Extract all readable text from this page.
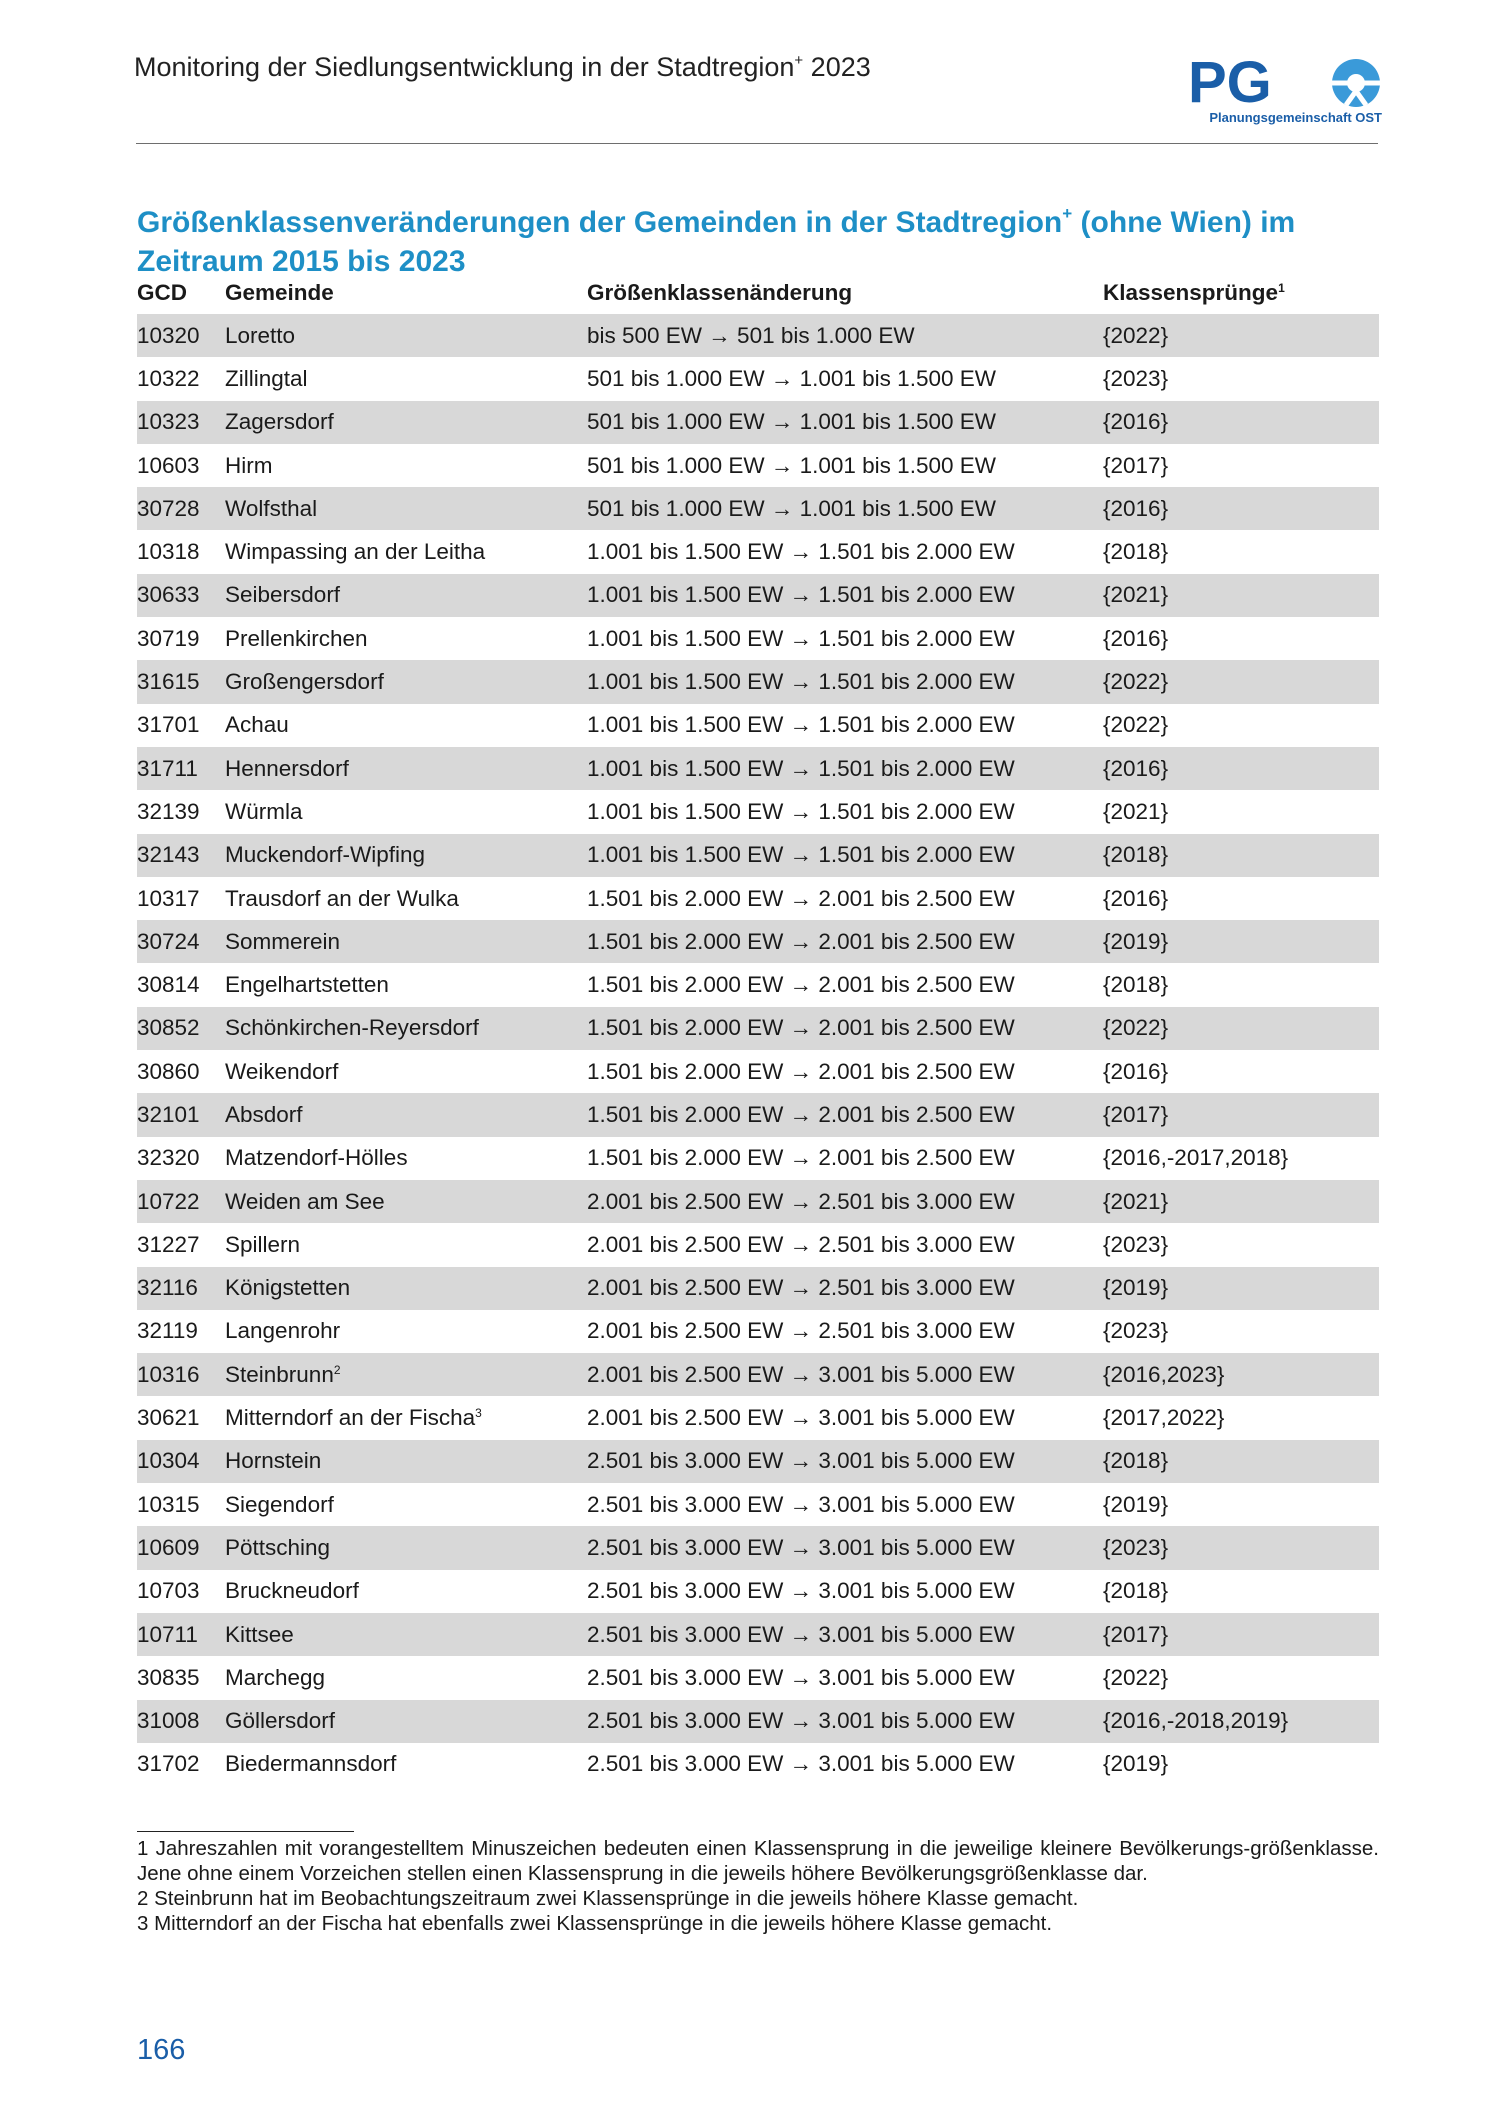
Monitoring der Siedlungsentwicklung in der Stadtregion+ 2023	PG
Planungsgemeinschaft OST
Größenklassenveränderungen der Gemeinden in der Stadtregion+ (ohne Wien) im Zeitraum 2015 bis 2023
GCD	Gemeinde	Größenklassenänderung	Klassensprünge$^1$
10320	Loretto	bis 500 EW → 501 bis 1.000 EW	{2022}
10322	Zillingtal	501 bis 1.000 EW → 1.001 bis 1.500 EW	{2023}
10323	Zagersdorf	501 bis 1.000 EW → 1.001 bis 1.500 EW	{2016}
10603	Hirm	501 bis 1.000 EW → 1.001 bis 1.500 EW	{2017}
30728	Wolfsthal	501 bis 1.000 EW → 1.001 bis 1.500 EW	{2016}
10318	Wimpassing an der Leitha	1.001 bis 1.500 EW → 1.501 bis 2.000 EW	{2018}
30633	Seibersdorf	1.001 bis 1.500 EW → 1.501 bis 2.000 EW	{2021}
30719	Prellenkirchen	1.001 bis 1.500 EW → 1.501 bis 2.000 EW	{2016}
31615	Großengersdorf	1.001 bis 1.500 EW → 1.501 bis 2.000 EW	{2022}
31701	Achau	1.001 bis 1.500 EW → 1.501 bis 2.000 EW	{2022}
31711	Hennersdorf	1.001 bis 1.500 EW → 1.501 bis 2.000 EW	{2016}
32139	Würmla	1.001 bis 1.500 EW → 1.501 bis 2.000 EW	{2021}
32143	Muckendorf-Wipfing	1.001 bis 1.500 EW → 1.501 bis 2.000 EW	{2018}
10317	Trausdorf an der Wulka	1.501 bis 2.000 EW → 2.001 bis 2.500 EW	{2016}
30724	Sommerein	1.501 bis 2.000 EW → 2.001 bis 2.500 EW	{2019}
30814	Engelhartstetten	1.501 bis 2.000 EW → 2.001 bis 2.500 EW	{2018}
30852	Schönkirchen-Reyersdorf	1.501 bis 2.000 EW → 2.001 bis 2.500 EW	{2022}
30860	Weikendorf	1.501 bis 2.000 EW → 2.001 bis 2.500 EW	{2016}
32101	Absdorf	1.501 bis 2.000 EW → 2.001 bis 2.500 EW	{2017}
32320	Matzendorf-Hölles	1.501 bis 2.000 EW → 2.001 bis 2.500 EW	{2016,-2017,2018}
10722	Weiden am See	2.001 bis 2.500 EW → 2.501 bis 3.000 EW	{2021}
31227	Spillern	2.001 bis 2.500 EW → 2.501 bis 3.000 EW	{2023}
32116	Königstetten	2.001 bis 2.500 EW → 2.501 bis 3.000 EW	{2019}
32119	Langenrohr	2.001 bis 2.500 EW → 2.501 bis 3.000 EW	{2023}
10316	Steinbrunn$^2$	2.001 bis 2.500 EW → 3.001 bis 5.000 EW	{2016,2023}
30621	Mitterndorf an der Fischa$^3$	2.001 bis 2.500 EW → 3.001 bis 5.000 EW	{2017,2022}
10304	Hornstein	2.501 bis 3.000 EW → 3.001 bis 5.000 EW	{2018}
10315	Siegendorf	2.501 bis 3.000 EW → 3.001 bis 5.000 EW	{2019}
10609	Pöttsching	2.501 bis 3.000 EW → 3.001 bis 5.000 EW	{2023}
10703	Bruckneudorf	2.501 bis 3.000 EW → 3.001 bis 5.000 EW	{2018}
10711	Kittsee	2.501 bis 3.000 EW → 3.001 bis 5.000 EW	{2017}
30835	Marchegg	2.501 bis 3.000 EW → 3.001 bis 5.000 EW	{2022}
31008	Göllersdorf	2.501 bis 3.000 EW → 3.001 bis 5.000 EW	{2016,-2018,2019}
31702	Biedermannsdorf	2.501 bis 3.000 EW → 3.001 bis 5.000 EW	{2019}

1 Jahreszahlen mit vorangestelltem Minuszeichen bedeuten einen Klassensprung in die jeweilige kleinere Bevölkerungs-größenklasse. Jene ohne einem Vorzeichen stellen einen Klassensprung in die jeweils höhere Bevölkerungsgrößenklasse dar.

2 Steinbrunn hat im Beobachtungszeitraum zwei Klassensprünge in die jeweils höhere Klasse gemacht.

3 Mitterndorf an der Fischa hat ebenfalls zwei Klassensprünge in die jeweils höhere Klasse gemacht.

166
